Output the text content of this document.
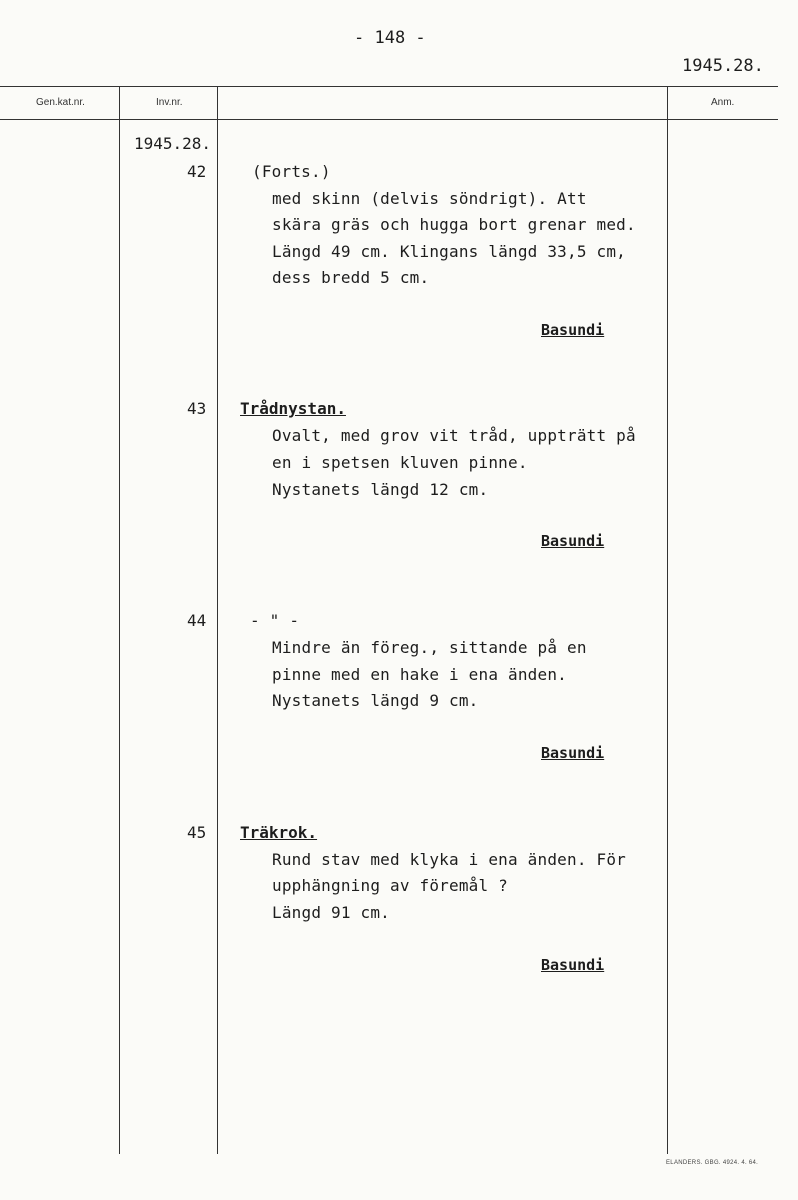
- 148 -
1945.28.
Gen.kat.nr.	Inv.nr.	Anm.
1945.28.
42	(Forts.)
med skinn (delvis söndrigt). Att
skära gräs och hugga bort grenar med.
Längd 49 cm. Klingans längd 33,5 cm,
dess bredd 5 cm.
Basundi
43 Trådnystan.
Ovalt, med grov vit tråd, uppträtt på
en i spetsen kluven pinne.
Nystanets längd 12 cm.
Basundi
44	- " -
Mindre än föreg., sittande på en
pinne med en hake i ena änden.
Nystanets längd 9 cm.
Basundi
45 Träkrok.
Rund stav med klyka i ena änden. För
upphängning av föremål ?
Längd 91 cm.
Basundi
ELANDERS. GBG. 4924. 4. 64.
